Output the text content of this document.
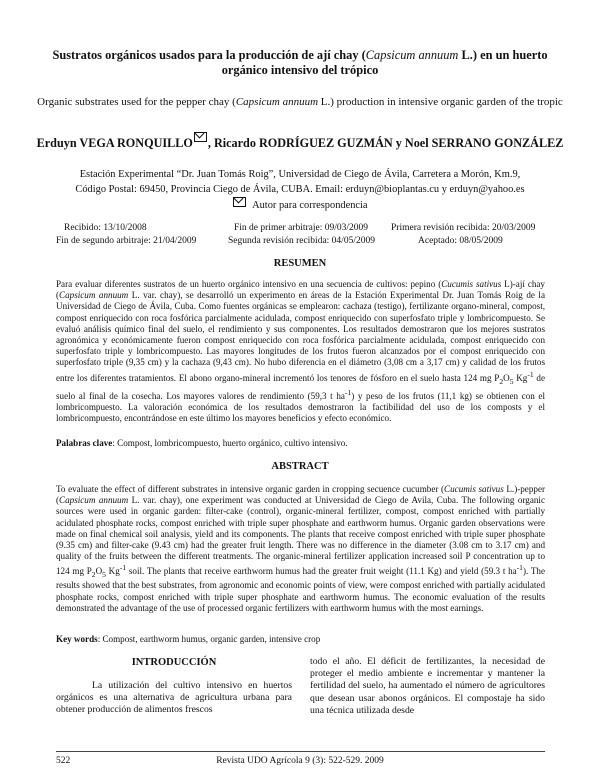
Sustratos orgánicos usados para la producción de ají chay (Capsicum annuum L.) en un huerto orgánico intensivo del trópico
Organic substrates used for the pepper chay (Capsicum annuum L.) production in intensive organic garden of the tropic
Erduyn VEGA RONQUILLO , Ricardo RODRÍGUEZ GUZMÁN y Noel SERRANO GONZÁLEZ
Estación Experimental “Dr. Juan Tomás Roig”, Universidad de Ciego de Ávila, Carretera a Morón, Km.9,
Código Postal: 69450, Provincia Ciego de Ávila, CUBA. Email: erduyn@bioplantas.cu y erduyn@yahoo.es
Autor para correspondencia
Recibido: 13/10/2008	Fin de primer arbitraje: 09/03/2009 Primera revisión recibida: 20/03/2009
Fin de segundo arbitraje: 21/04/2009	Segunda revisión recibida: 04/05/2009	Aceptado: 08/05/2009
RESUMEN
Para evaluar diferentes sustratos de un huerto orgánico intensivo en una secuencia de cultivos: pepino (Cucumis sativus L)-ají chay (Capsicum annuum L. var. chay), se desarrolló un experimento en áreas de la Estación Experimental Dr. Juan Tomás Roig de la Universidad de Ciego de Ávila, Cuba. Como fuentes orgánicas se emplearon: cachaza (testigo), fertilizante organo-mineral, compost, compost enriquecido con roca fosfórica parcialmente acidulada, compost enriquecido con superfosfato triple y lombricompuesto. Se evaluó análisis químico final del suelo, el rendimiento y sus componentes. Los resultados demostraron que los mejores sustratos agronómica y económicamente fueron compost enriquecido con roca fosfórica parcialmente acidulada, compost enriquecido con superfosfato triple y lombricompuesto. Las mayores longitudes de los frutos fueron alcanzados por el compost enriquecido con superfosfato triple (9,35 cm) y la cachaza (9,43 cm). No hubo diferencia en el diámetro (3,08 cm a 3,17 cm) y calidad de los frutos entre los diferentes tratamientos. El abono organo-mineral incrementó los tenores de fósforo en el suelo hasta 124 mg $P_2O_5$ $Kg^{-1}$ de suelo al final de la cosecha. Los mayores valores de rendimiento (59,3 t $ha^{-1}$) y peso de los frutos (11,1 kg) se obtienen con el lombricompuesto. La valoración económica de los resultados demostraron la factibilidad del uso de los composts y el lombricompuesto, encontrándose en este último los mayores beneficios y efecto económico.
Palabras clave: Compost, lombricompuesto, huerto orgánico, cultivo intensivo.
ABSTRACT
To evaluate the effect of different substrates in intensive organic garden in cropping secuence cucumber (Cucumis sativus L.)-pepper (Capsicum annuum L. var. chay), one experiment was conducted at Universidad de Ciego de Avila, Cuba. The following organic sources were used in organic garden: filter-cake (control), organic-mineral fertilizer, compost, compost enriched with partially acidulated phosphate rocks, compost enriched with triple super phosphate and earthworm humus. Organic garden observations were made on final chemical soil analysis, yield and its components. The plants that receive compost enriched with triple super phosphate (9.35 cm) and filter-cake (9.43 cm) had the greater fruit length. There was no difference in the diameter (3.08 cm to 3.17 cm) and quality of the fruits between the different treatments. The organic-mineral fertilizer application increased soil P concentration up to 124 mg $P_2O_5$ $Kg^{-1}$ soil. The plants that receive earthworm humus had the greater fruit weight (11.1 Kg) and yield (59.3 t $ha^{-1}$). The results showed that the best substrates, from agronomic and economic points of view, were compost enriched with partially acidulated phosphate rocks, compost enriched with triple super phosphate and earthworm humus. The economic evaluation of the results demonstrated the advantage of the use of processed organic fertilizers with earthworm humus with the most earnings.
Key words: Compost, earthworm humus, organic garden, intensive crop
INTRODUCCIÓN
La utilización del cultivo intensivo en huertos orgánicos es una alternativa de agricultura urbana para obtener producción de alimentos frescos
todo el año. El déficit de fertilizantes, la necesidad de proteger el medio ambiente e incrementar y mantener la fertilidad del suelo, ha aumentado el número de agricultores que desean usar abonos orgánicos. El compostaje ha sido una técnica utilizada desde
522	Revista UDO Agrícola 9 (3): 522-529. 2009
